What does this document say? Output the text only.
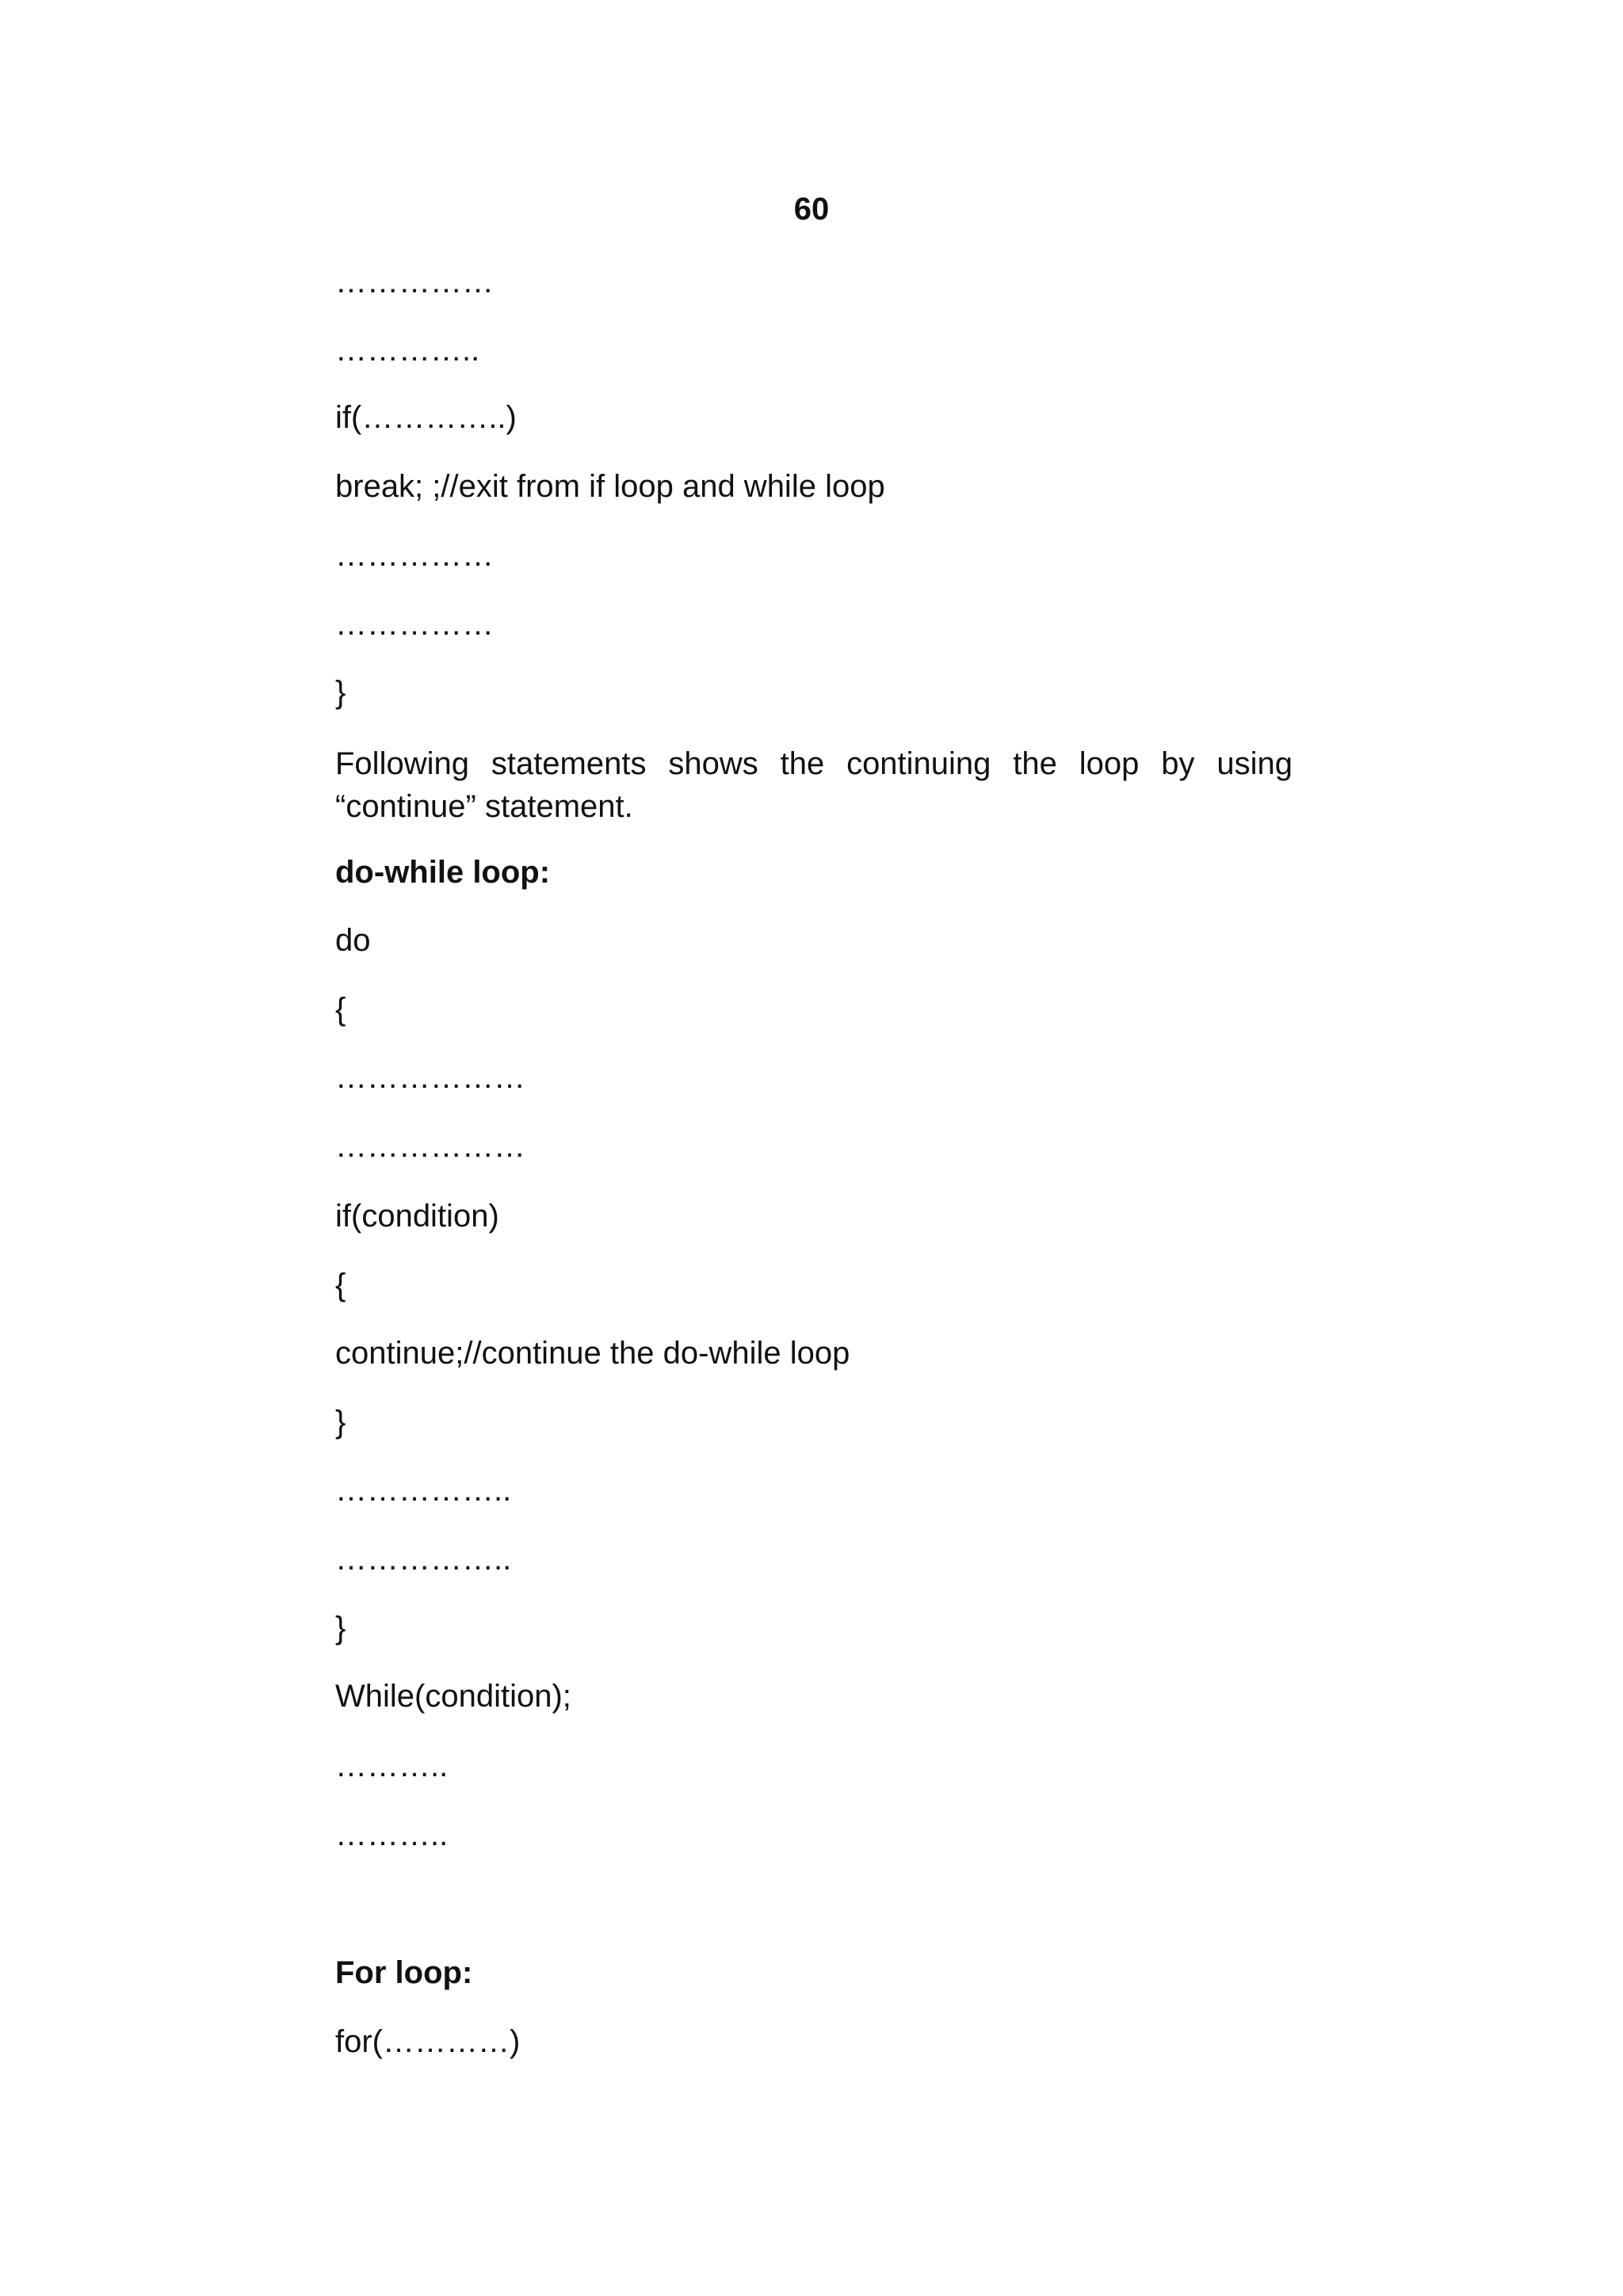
60
……………
…………..
if(…………..)
break; ;//exit from if loop and while loop
……………
……………
}
Following statements shows the continuing the loop by using “continue” statement.
do-while loop:
do
{
………………
………………
if(condition)
{
continue;//continue the do-while loop
}
……………..
……………..
}
While(condition);
………..
………..
For loop:
for(…………)
